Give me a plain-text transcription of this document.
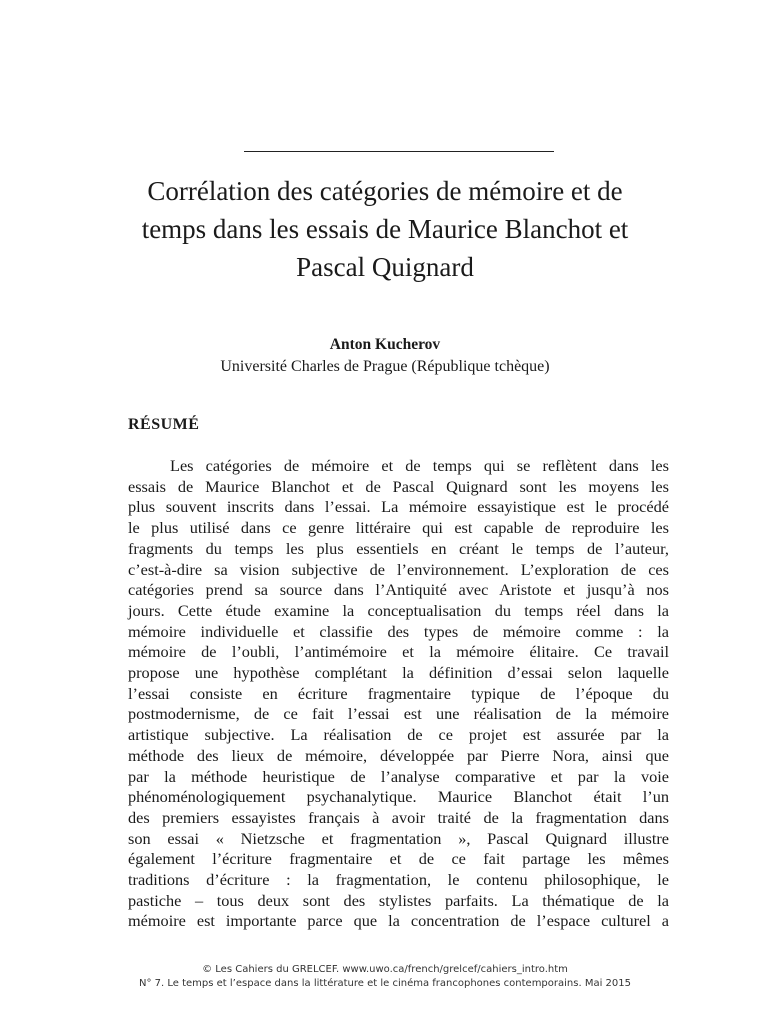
Corrélation des catégories de mémoire et de
temps dans les essais de Maurice Blanchot et
Pascal Quignard
Anton Kucherov
Université Charles de Prague (République tchèque)
RÉSUMÉ
Les catégories de mémoire et de temps qui se reflètent dans les
essais de Maurice Blanchot et de Pascal Quignard sont les moyens les
plus souvent inscrits dans l’essai. La mémoire essayistique est le procédé
le plus utilisé dans ce genre littéraire qui est capable de reproduire les
fragments du temps les plus essentiels en créant le temps de l’auteur,
c’est-à-dire sa vision subjective de l’environnement. L’exploration de ces
catégories prend sa source dans l’Antiquité avec Aristote et jusqu’à nos
jours. Cette étude examine la conceptualisation du temps réel dans la
mémoire individuelle et classifie des types de mémoire comme : la
mémoire de l’oubli, l’antimémoire et la mémoire élitaire. Ce travail
propose une hypothèse complétant la définition d’essai selon laquelle
l’essai consiste en écriture fragmentaire typique de l’époque du
postmodernisme, de ce fait l’essai est une réalisation de la mémoire
artistique subjective. La réalisation de ce projet est assurée par la
méthode des lieux de mémoire, développée par Pierre Nora, ainsi que
par la méthode heuristique de l’analyse comparative et par la voie
phénoménologiquement psychanalytique. Maurice Blanchot était l’un
des premiers essayistes français à avoir traité de la fragmentation dans
son essai « Nietzsche et fragmentation », Pascal Quignard illustre
également l’écriture fragmentaire et de ce fait partage les mêmes
traditions d’écriture : la fragmentation, le contenu philosophique, le
pastiche – tous deux sont des stylistes parfaits. La thématique de la
mémoire est importante parce que la concentration de l’espace culturel a
© Les Cahiers du GRELCEF. www.uwo.ca/french/grelcef/cahiers_intro.htm
N° 7. Le temps et l’espace dans la littérature et le cinéma francophones contemporains. Mai 2015
